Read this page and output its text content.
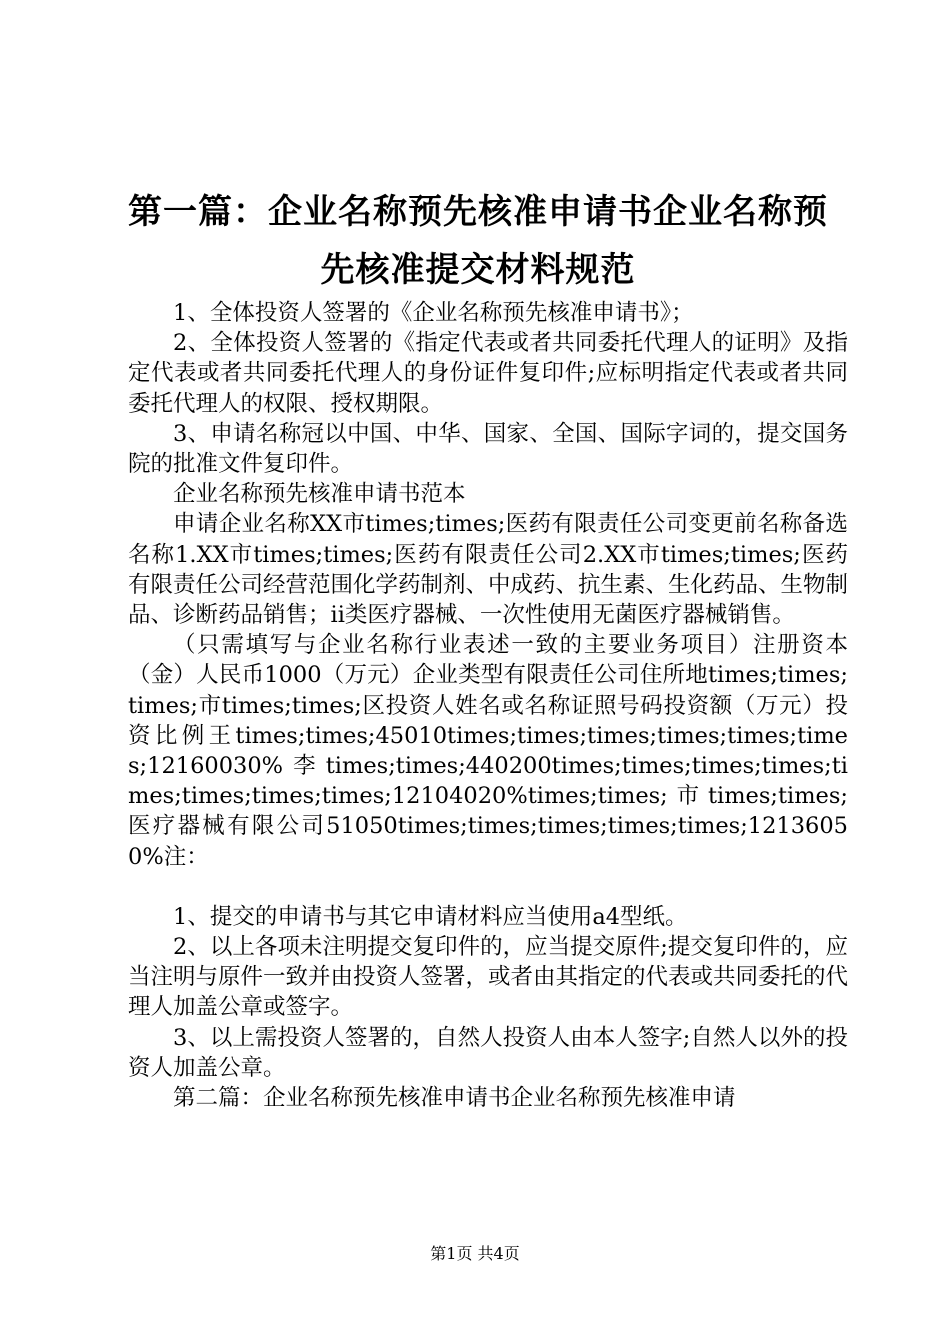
第一篇：企业名称预先核准申请书企业名称预先核准提交材料规范

1、全体投资人签署的《企业名称预先核准申请书》；

2、全体投资人签署的《指定代表或者共同委托代理人的证明》及指定代表或者共同委托代理人的身份证件复印件;应标明指定代表或者共同委托代理人的权限、授权期限。

3、申请名称冠以中国、中华、国家、全国、国际字词的，提交国务院的批准文件复印件。

企业名称预先核准申请书范本

申请企业名称XX市times;times;医药有限责任公司变更前名称备选名称1.XX市times;times;医药有限责任公司2.XX市times;times;医药有限责任公司经营范围化学药制剂、中成药、抗生素、生化药品、生物制品、诊断药品销售；ii类医疗器械、一次性使用无菌医疗器械销售。

（只需填写与企业名称行业表述一致的主要业务项目）注册资本（金）人民币1000（万元）企业类型有限责任公司住所地times;times;times;市times;times;区投资人姓名或名称证照号码投资额（万元）投资比例王times;times;45010times;times;times;times;times;times;12160030%李times;times;440200times;times;times;times;times;times;times;times;12104020%times;times;市times;times;医疗器械有限公司51050times;times;times;times;times;12136050%注：

1、提交的申请书与其它申请材料应当使用a4型纸。

2、以上各项未注明提交复印件的，应当提交原件;提交复印件的，应当注明与原件一致并由投资人签署，或者由其指定的代表或共同委托的代理人加盖公章或签字。

3、以上需投资人签署的，自然人投资人由本人签字;自然人以外的投资人加盖公章。

第二篇：企业名称预先核准申请书企业名称预先核准申请

第1页 共4页
